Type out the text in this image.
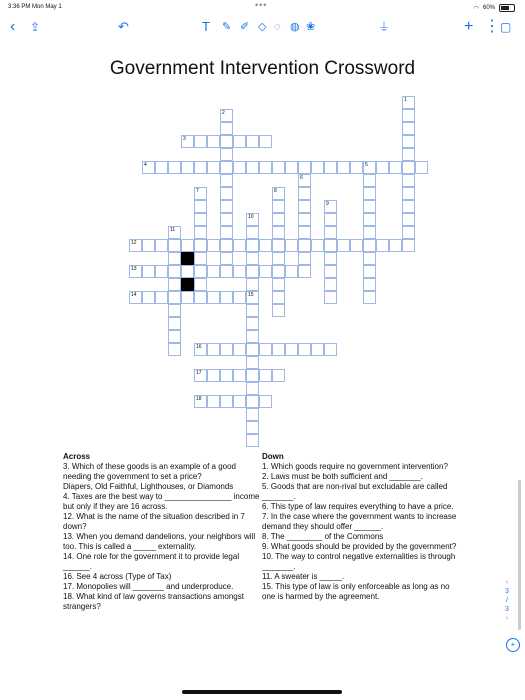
3:36 PM Mon May 1	•••	◠ 60%
‹ ⇪	↶	T ✎ ✐ ◇ ◌ ◍ ❀	⏚	+ ⋮ ▢
Government Intervention Crossword
1
2
3
4	5
6
7	8
9
10
11
12
13
14	15
16
17
18
Across
3. Which of these goods is an example of a good needing the government to set a price?
Diapers, Old Faithful, Lighthouses, or Diamonds
4. Taxes are the best way to _______________ income but only if they are 16 across.
12. What is the name of the situation described in 7 down?
13. When you demand dandelions, your neighbors will too. This is called a _____ externality.
14. One role for the government it to provide legal ______.
16. See 4 across (Type of Tax)
17. Monopolies will _______ and underproduce.
18. What kind of law governs transactions amongst strangers?
Down
1. Which goods require no government intervention?
2. Laws must be both sufficient and _______.
5. Goods that are non-rival but excludable are called _______.
6. This type of law requires everything to have a price.
7. In the case where the government wants to increase demand they should offer ______.
8. The ________ of the Commons
9. What goods should be provided by the government?
10. The way to control negative externalities is through _______.
11. A sweater is _____.
15. This type of law is only enforceable as long as no one is harmed by the agreement.
‹
3
/
3
›
+
